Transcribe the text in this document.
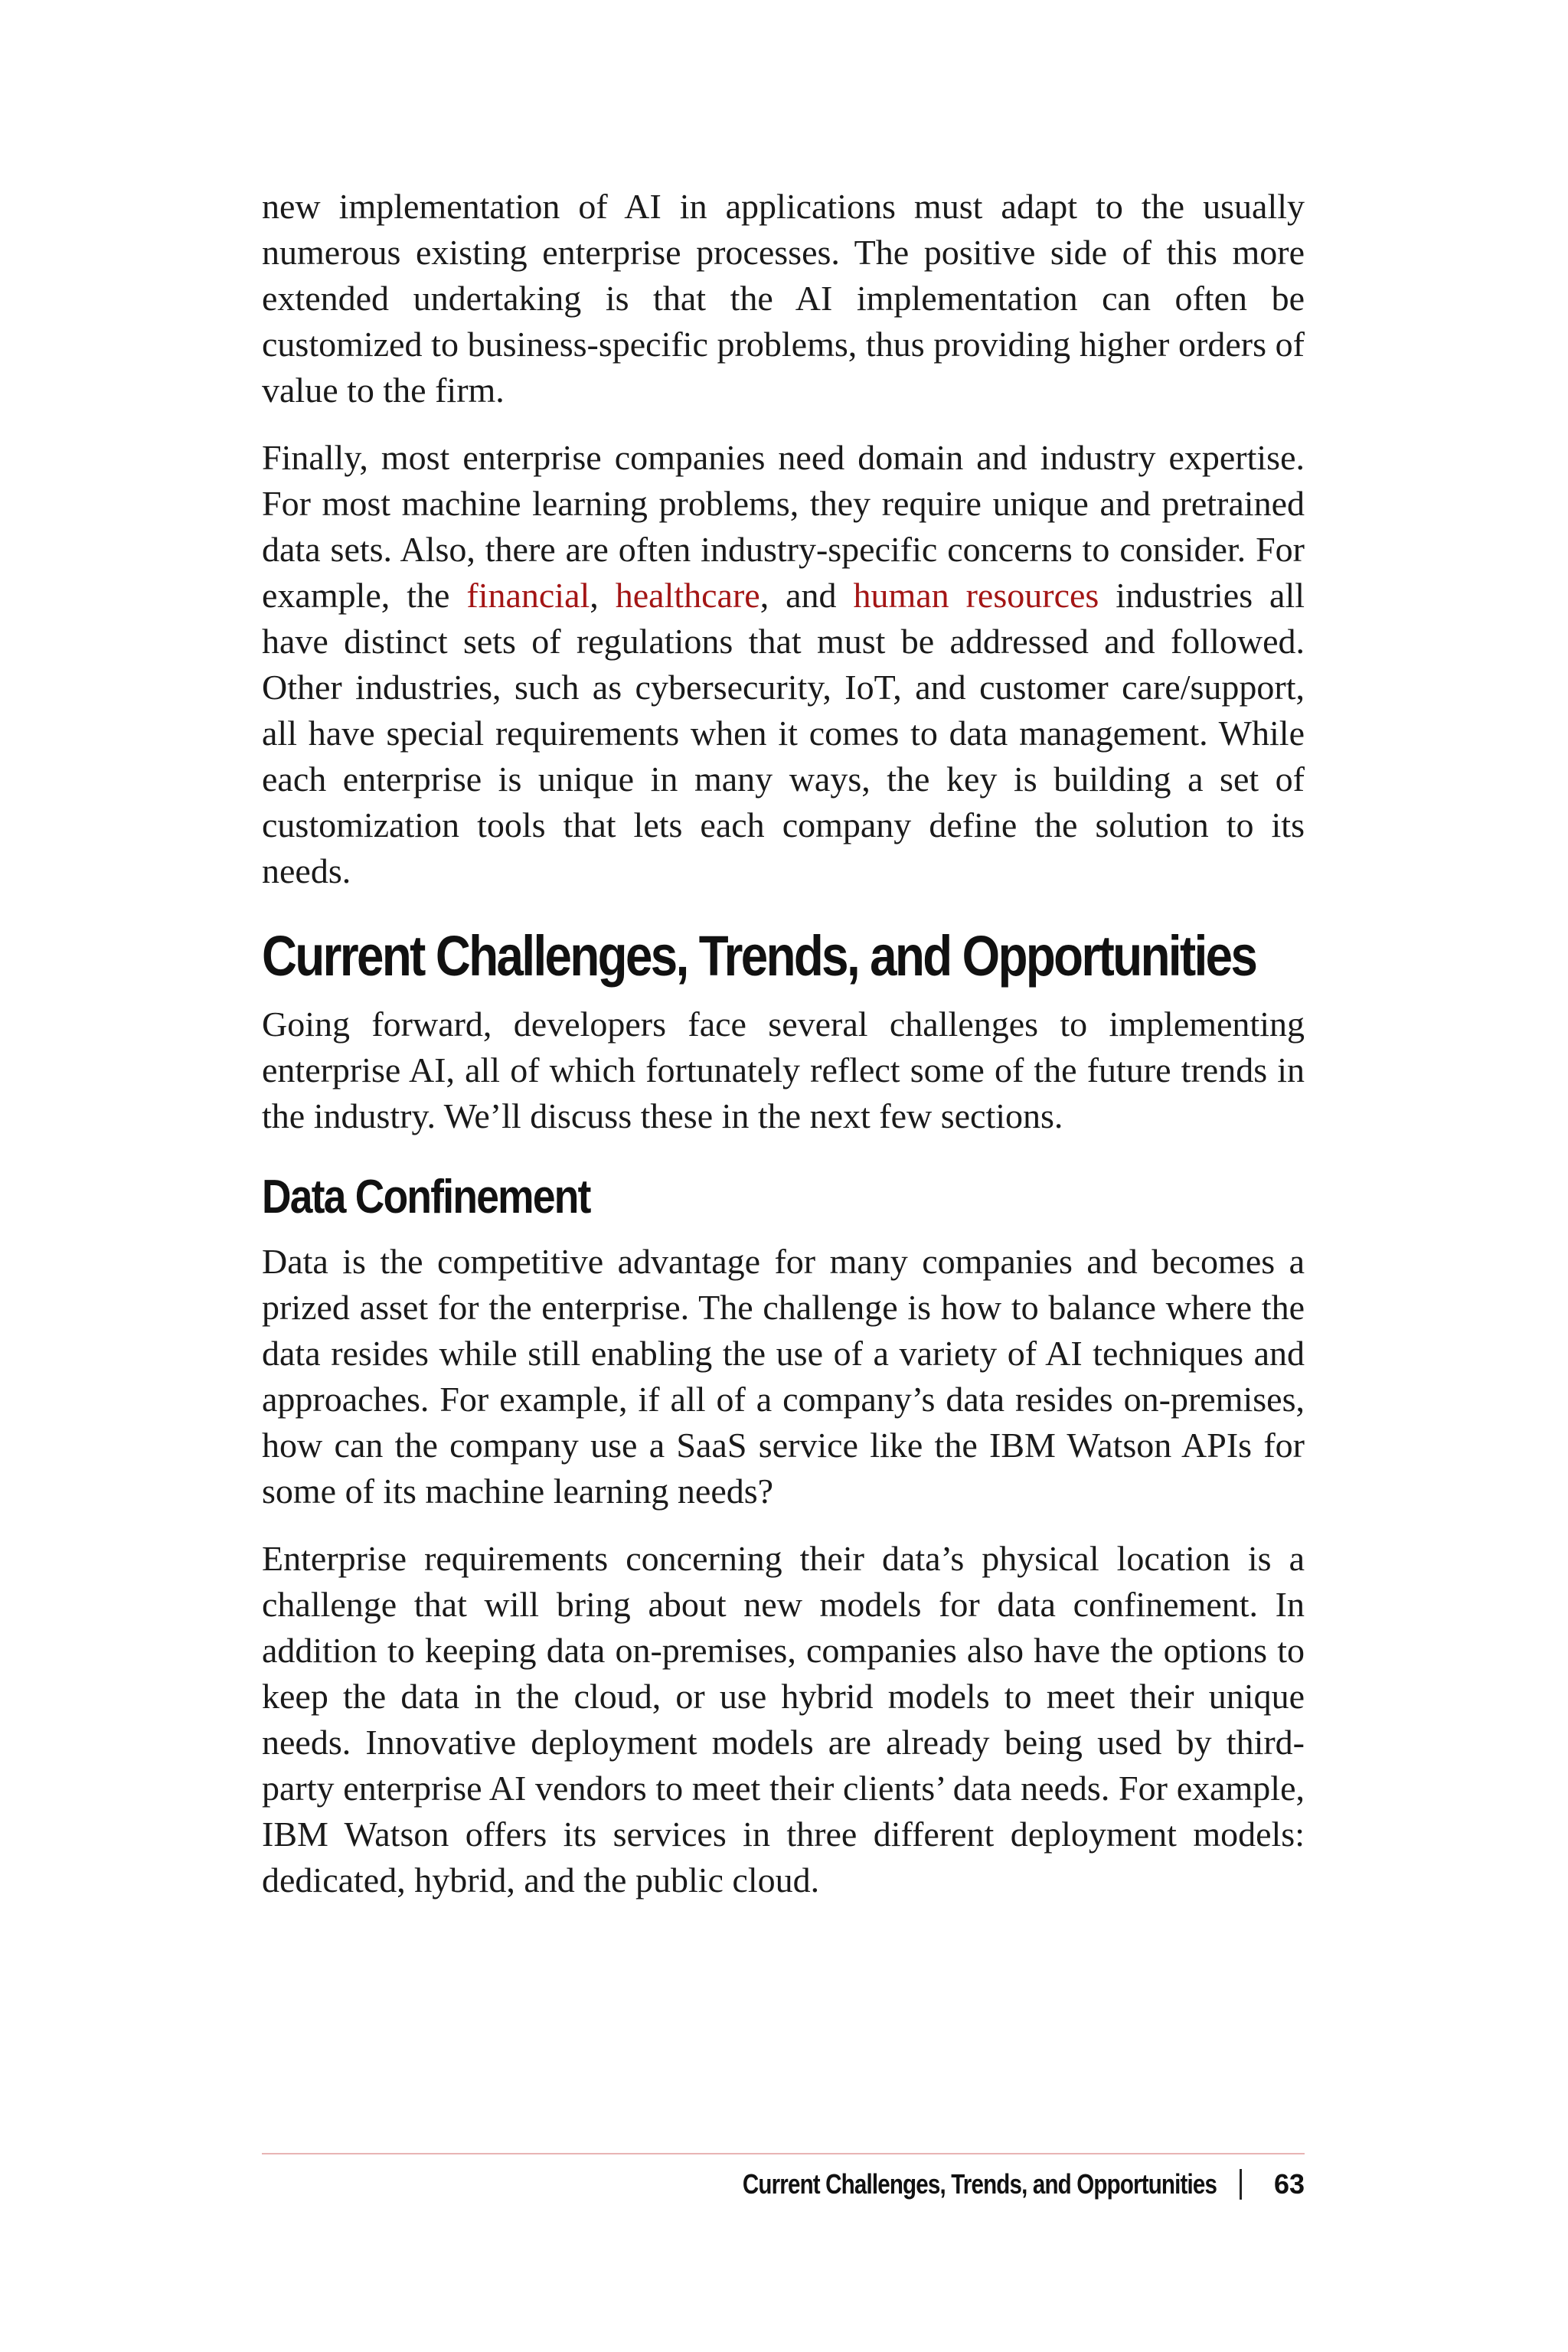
new implementation of AI in applications must adapt to the usually numerous existing enterprise processes. The positive side of this more extended undertaking is that the AI implementation can often be customized to business-specific problems, thus providing higher orders of value to the firm.

Finally, most enterprise companies need domain and industry expertise. For most machine learning problems, they require unique and pretrained data sets. Also, there are often industry-specific concerns to consider. For example, the financial, healthcare, and human resources industries all have distinct sets of regulations that must be addressed and followed. Other industries, such as cybersecurity, IoT, and customer care/support, all have special requirements when it comes to data management. While each enterprise is unique in many ways, the key is building a set of customization tools that lets each company define the solution to its needs.

Current Challenges, Trends, and Opportunities

Going forward, developers face several challenges to implementing enterprise AI, all of which fortunately reflect some of the future trends in the industry. We’ll discuss these in the next few sections.

Data Confinement

Data is the competitive advantage for many companies and becomes a prized asset for the enterprise. The challenge is how to balance where the data resides while still enabling the use of a variety of AI techniques and approaches. For example, if all of a company’s data resides on-premises, how can the company use a SaaS service like the IBM Watson APIs for some of its machine learning needs?

Enterprise requirements concerning their data’s physical location is a challenge that will bring about new models for data confinement. In addition to keeping data on-premises, companies also have the options to keep the data in the cloud, or use hybrid models to meet their unique needs. Innovative deployment models are already being used by third-party enterprise AI vendors to meet their clients’ data needs. For example, IBM Watson offers its services in three different deployment models: dedicated, hybrid, and the public cloud.

Current Challenges, Trends, and Opportunities 63
